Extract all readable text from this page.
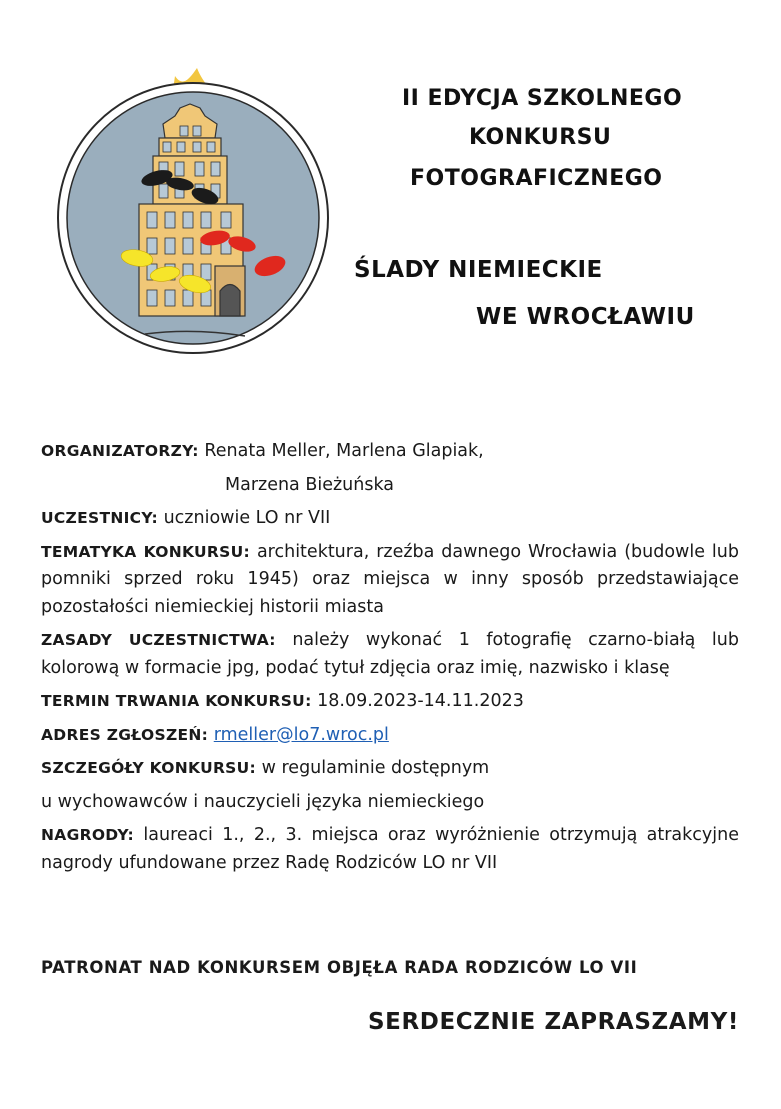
II EDYCJA SZKOLNEGO
KONKURSU
FOTOGRAFICZNEGO
ŚLADY NIEMIECKIE
WE WROCŁAWIU

ORGANIZATORZY: Renata Meller, Marlena Glapiak,

Marzena Bieżuńska

UCZESTNICY: uczniowie LO nr VII

TEMATYKA KONKURSU: architektura, rzeźba dawnego Wrocławia (budowle lub pomniki sprzed roku 1945) oraz miejsca w inny sposób przedstawiające pozostałości niemieckiej historii miasta

ZASADY UCZESTNICTWA: należy wykonać 1 fotografię czarno-białą lub kolorową w formacie jpg, podać tytuł zdjęcia oraz imię, nazwisko i klasę

TERMIN TRWANIA KONKURSU: 18.09.2023-14.11.2023

ADRES ZGŁOSZEŃ: rmeller@lo7.wroc.pl

SZCZEGÓŁY KONKURSU: w regulaminie dostępnym

u wychowawców i nauczycieli języka niemieckiego

NAGRODY: laureaci 1., 2., 3. miejsca oraz wyróżnienie otrzymują atrakcyjne nagrody ufundowane przez Radę Rodziców LO nr VII

PATRONAT NAD KONKURSEM OBJĘŁA RADA RODZICÓW LO VII
SERDECZNIE ZAPRASZAMY!
